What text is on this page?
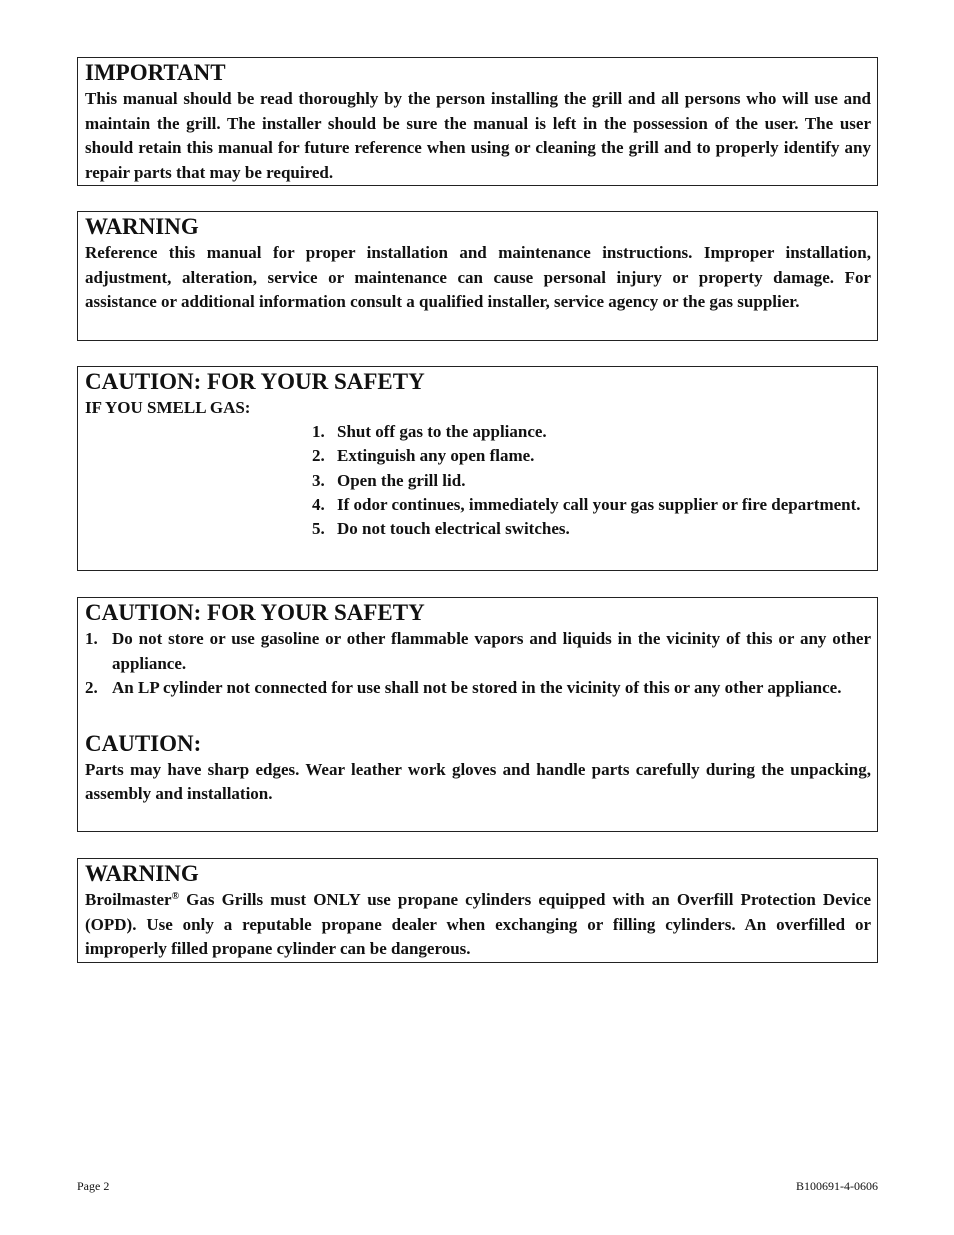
IMPORTANT

This manual should be read thoroughly by the person installing the grill and all persons who will use and maintain the grill. The installer should be sure the manual is left in the possession of the user. The user should retain this manual for future reference when using or cleaning the grill and to properly identify any repair parts that may be required.

WARNING

Reference this manual for proper installation and maintenance instructions. Improper installation, adjustment, alteration, service or maintenance can cause personal injury or property damage. For assistance or additional information consult a qualified installer, service agency or the gas supplier.

CAUTION: FOR YOUR SAFETY

IF YOU SMELL GAS:

1. Shut off gas to the appliance.
2. Extinguish any open flame.
3. Open the grill lid.
4. If odor continues, immediately call your gas supplier or fire department.
5. Do not touch electrical switches.

CAUTION: FOR YOUR SAFETY

1. Do not store or use gasoline or other flammable vapors and liquids in the vicinity of this or any other appliance.
2. An LP cylinder not connected for use shall not be stored in the vicinity of this or any other appliance.

CAUTION:

Parts may have sharp edges. Wear leather work gloves and handle parts carefully during the unpacking, assembly and installation.

WARNING

Broilmaster® Gas Grills must ONLY use propane cylinders equipped with an Overfill Protection Device (OPD). Use only a reputable propane dealer when exchanging or filling cylinders. An overfilled or improperly filled propane cylinder can be dangerous.

Page 2	B100691-4-0606
